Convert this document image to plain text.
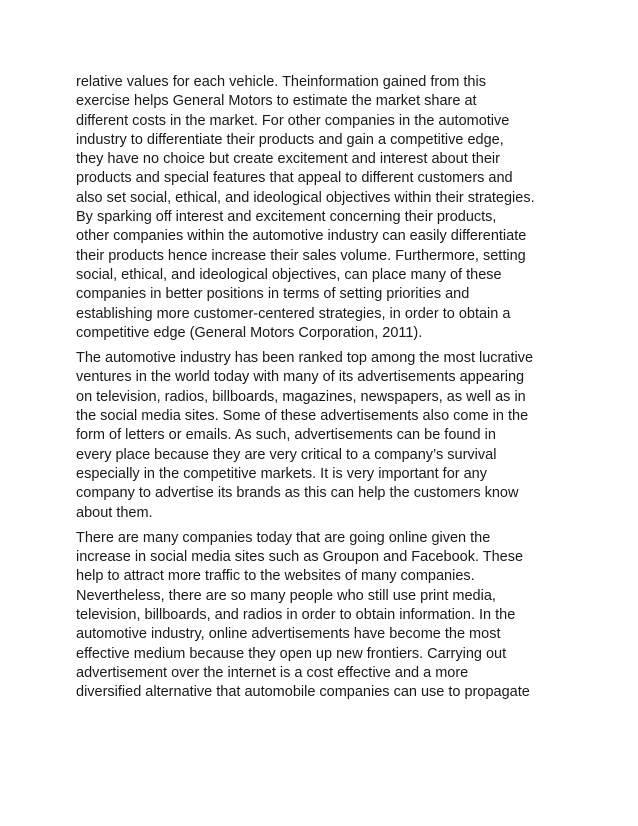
relative values for each vehicle. Theinformation gained from this
exercise helps General Motors to estimate the market share at
different costs in the market. For other companies in the automotive
industry to differentiate their products and gain a competitive edge,
they have no choice but create excitement and interest about their
products and special features that appeal to different customers and
also set social, ethical, and ideological objectives within their strategies.
By sparking off interest and excitement concerning their products,
other companies within the automotive industry can easily differentiate
their products hence increase their sales volume. Furthermore, setting
social, ethical, and ideological objectives, can place many of these
companies in better positions in terms of setting priorities and
establishing more customer-centered strategies, in order to obtain a
competitive edge (General Motors Corporation, 2011).

The automotive industry has been ranked top among the most lucrative
ventures in the world today with many of its advertisements appearing
on television, radios, billboards, magazines, newspapers, as well as in
the social media sites. Some of these advertisements also come in the
form of letters or emails. As such, advertisements can be found in
every place because they are very critical to a company’s survival
especially in the competitive markets. It is very important for any
company to advertise its brands as this can help the customers know
about them.

There are many companies today that are going online given the
increase in social media sites such as Groupon and Facebook. These
help to attract more traffic to the websites of many companies.
Nevertheless, there are so many people who still use print media,
television, billboards, and radios in order to obtain information. In the
automotive industry, online advertisements have become the most
effective medium because they open up new frontiers. Carrying out
advertisement over the internet is a cost effective and a more
diversified alternative that automobile companies can use to propagate
